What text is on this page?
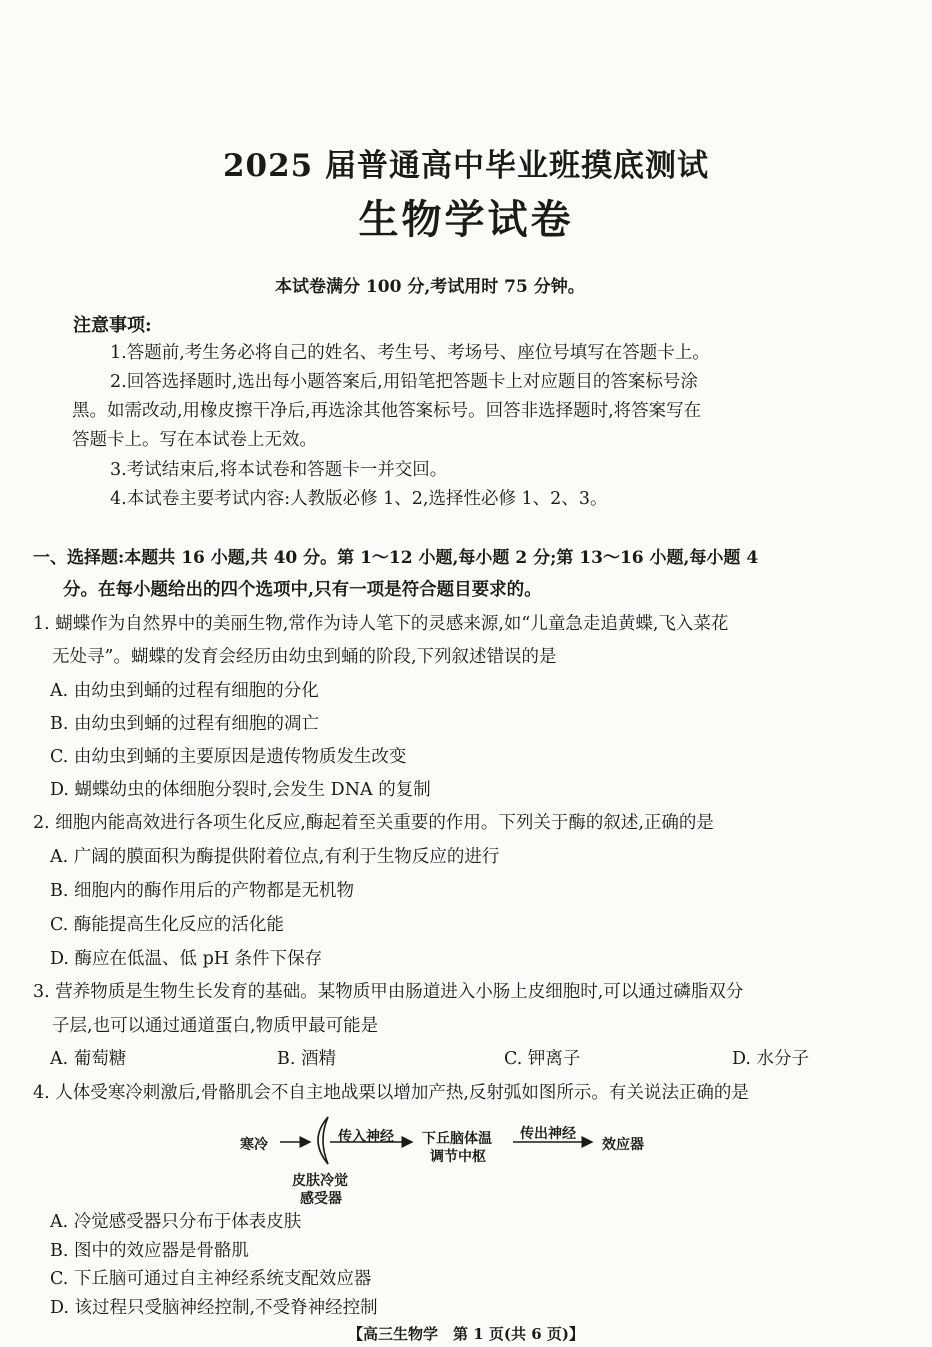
2025 届普通高中毕业班摸底测试
生物学试卷
本试卷满分 100 分,考试用时 75 分钟。
注意事项:
1.答题前,考生务必将自己的姓名、考生号、考场号、座位号填写在答题卡上。
2.回答选择题时,选出每小题答案后,用铅笔把答题卡上对应题目的答案标号涂
黑。如需改动,用橡皮擦干净后,再选涂其他答案标号。回答非选择题时,将答案写在
答题卡上。写在本试卷上无效。
3.考试结束后,将本试卷和答题卡一并交回。
4.本试卷主要考试内容:人教版必修 1、2,选择性必修 1、2、3。
一、选择题:本题共 16 小题,共 40 分。第 1～12 小题,每小题 2 分;第 13～16 小题,每小题 4
分。在每小题给出的四个选项中,只有一项是符合题目要求的。
1. 蝴蝶作为自然界中的美丽生物,常作为诗人笔下的灵感来源,如“儿童急走追黄蝶,飞入菜花
无处寻”。蝴蝶的发育会经历由幼虫到蛹的阶段,下列叙述错误的是
A. 由幼虫到蛹的过程有细胞的分化
B. 由幼虫到蛹的过程有细胞的凋亡
C. 由幼虫到蛹的主要原因是遗传物质发生改变
D. 蝴蝶幼虫的体细胞分裂时,会发生 DNA 的复制
2. 细胞内能高效进行各项生化反应,酶起着至关重要的作用。下列关于酶的叙述,正确的是
A. 广阔的膜面积为酶提供附着位点,有利于生物反应的进行
B. 细胞内的酶作用后的产物都是无机物
C. 酶能提高生化反应的活化能
D. 酶应在低温、低 pH 条件下保存
3. 营养物质是生物生长发育的基础。某物质甲由肠道进入小肠上皮细胞时,可以通过磷脂双分
子层,也可以通过通道蛋白,物质甲最可能是
A. 葡萄糖	B. 酒精	C. 钾离子	D. 水分子
4. 人体受寒冷刺激后,骨骼肌会不自主地战栗以增加产热,反射弧如图所示。有关说法正确的是
寒冷	传入神经 下丘脑体温
调节中枢
传出神经
效应器
皮肤冷觉
感受器
A. 冷觉感受器只分布于体表皮肤
B. 图中的效应器是骨骼肌
C. 下丘脑可通过自主神经系统支配效应器
D. 该过程只受脑神经控制,不受脊神经控制
【高三生物学　第 1 页(共 6 页)】
